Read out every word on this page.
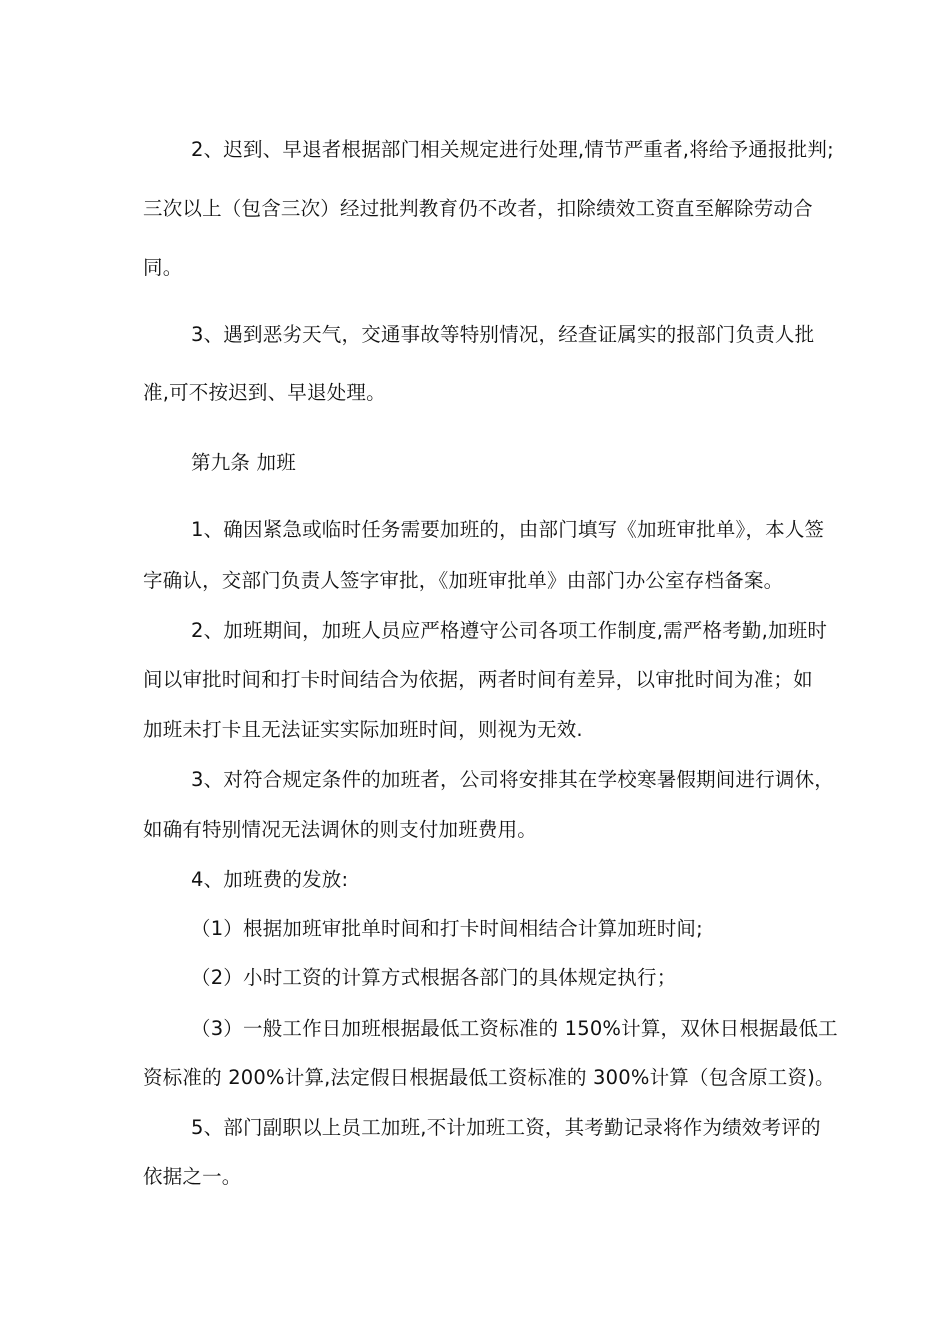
2、迟到、早退者根据部门相关规定进行处理,情节严重者,将给予通报批判;

三次以上（包含三次）经过批判教育仍不改者，扣除绩效工资直至解除劳动合

同。

3、遇到恶劣天气，交通事故等特别情况，经查证属实的报部门负责人批

准,可不按迟到、早退处理。

第九条 加班

1、确因紧急或临时任务需要加班的，由部门填写《加班审批单》，本人签

字确认，交部门负责人签字审批，《加班审批单》由部门办公室存档备案。

2、加班期间，加班人员应严格遵守公司各项工作制度,需严格考勤,加班时

间以审批时间和打卡时间结合为依据，两者时间有差异，以审批时间为准；如

加班未打卡且无法证实实际加班时间，则视为无效.

3、对符合规定条件的加班者，公司将安排其在学校寒暑假期间进行调休，

如确有特别情况无法调休的则支付加班费用。

4、加班费的发放:

（1）根据加班审批单时间和打卡时间相结合计算加班时间;

（2）小时工资的计算方式根据各部门的具体规定执行；

（3）一般工作日加班根据最低工资标准的 150%计算，双休日根据最低工

资标准的 200%计算,法定假日根据最低工资标准的 300%计算（包含原工资)。

5、部门副职以上员工加班,不计加班工资，其考勤记录将作为绩效考评的

依据之一。
